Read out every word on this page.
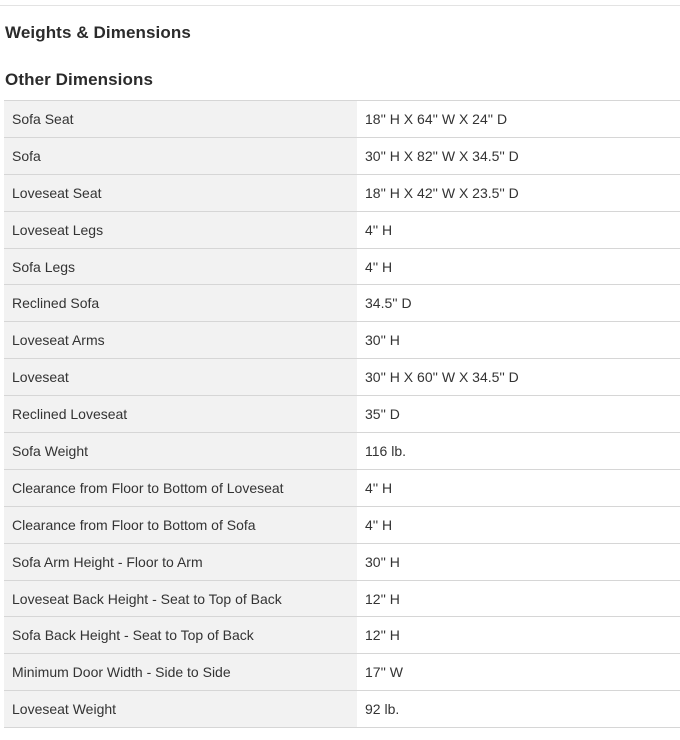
Weights & Dimensions
Other Dimensions
Sofa Seat	18'' H X 64'' W X 24'' D
Sofa	30'' H X 82'' W X 34.5'' D
Loveseat Seat	18'' H X 42'' W X 23.5'' D
Loveseat Legs	4'' H
Sofa Legs	4'' H
Reclined Sofa	34.5'' D
Loveseat Arms	30'' H
Loveseat	30'' H X 60'' W X 34.5'' D
Reclined Loveseat	35'' D
Sofa Weight	116 lb.
Clearance from Floor to Bottom of Loveseat	4'' H
Clearance from Floor to Bottom of Sofa	4'' H
Sofa Arm Height - Floor to Arm	30'' H
Loveseat Back Height - Seat to Top of Back	12'' H
Sofa Back Height - Seat to Top of Back	12'' H
Minimum Door Width - Side to Side	17'' W
Loveseat Weight	92 lb.
